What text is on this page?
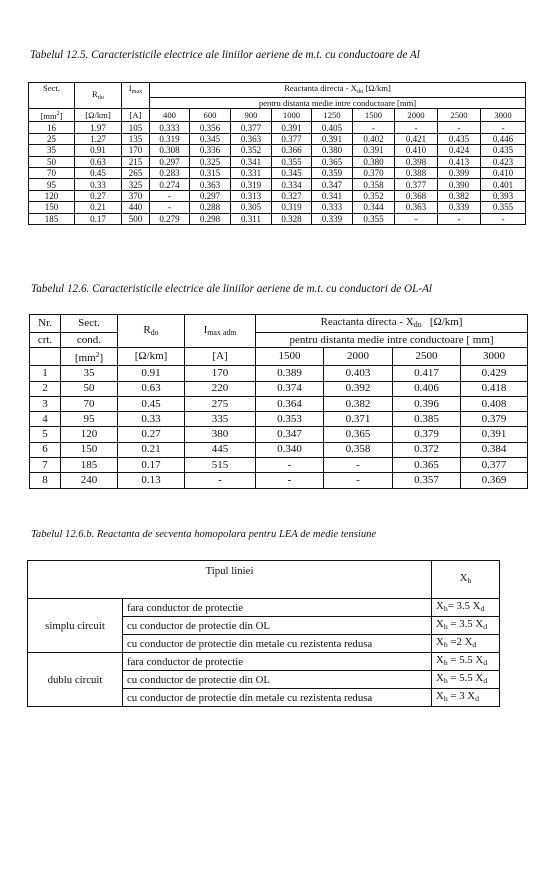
Tabelul 12.5. Caracteristicile electrice ale liniilor aeriene de m.t. cu conductoare de Al
Sect.	$R_{do}$	$I_{max}$	Reactanta directa - $X_{do}$ [Ω/km]								
			pentru distanta medie intre conductoare [mm]								
$[mm^2]$	[Ω/km]	[A]	400	600	900	1000	1250	1500	2000	2500	3000
16	1.97	105	0.333	0.356	0.377	0.391	0.405	-	-	-	-
25	1.27	135	0.319	0.345	0.363	0.377	0.391	0.402	0.421	0.435	0.446
35	0.91	170	0.308	0.336	0.352	0.366	0.380	0.391	0.410	0.424	0.435
50	0.63	215	0.297	0.325	0.341	0.355	0.365	0.380	0.398	0.413	0.423
70	0.45	265	0.283	0.315	0.331	0.345	0.359	0.370	0.388	0.399	0.410
95	0.33	325	0.274	0.363	0.319	0.334	0.347	0.358	0.377	0.390	0.401
120	0.27	370	-	0.297	0.313	0.327	0.341	0.352	0.368	0.382	0.393
150	0.21	440	-	0.288	0.305	0.319	0.333	0.344	0.363	0.339	0.355
185	0.17	500	0.279	0.298	0.311	0.328	0.339	0.355	-	-	-
Tabelul 12.6. Caracteristicile electrice ale liniilor aeriene de m.t. cu conductori de OL-Al
Nr.	Sect.	$R_{do}$	$I_{max adm}$	Reactanta directa - $X_{do}$ [Ω/km]			
crt.	cond.			pentru distanta medie intre conductoare [ mm]			
	$[mm^2]$	[Ω/km]	[A]	1500	2000	2500	3000
1	35	0.91	170	0.389	0.403	0.417	0.429
2	50	0.63	220	0.374	0.392	0.406	0.418
3	70	0.45	275	0.364	0.382	0.396	0.408
4	95	0.33	335	0.353	0.371	0.385	0.379
5	120	0.27	380	0.347	0.365	0.379	0.391
6	150	0.21	445	0.340	0.358	0.372	0.384
7	185	0.17	515	-	-	0.365	0.377
8	240	0.13	-	-	-	0.357	0.369
Tabelul 12.6.b. Reactanta de secventa homopolara pentru LEA de medie tensiune
Tipul liniei		$X_h$
simplu circuit	fara conductor de protectie	$X_h= 3.5$ $X_d$
	cu conductor de protectie din OL	$X_h = 3.5$ $X_d$
	cu conductor de protectie din metale cu rezistenta redusa	$X_h =2$ $X_d$
dublu circuit	fara conductor de protectie	$X_h = 5.5$ $X_d$
	cu conductor de protectie din OL	$X_h = 5.5$ $X_d$
	cu conductor de protectie din metale cu rezistenta redusa	$X_h = 3$ $X_d$
